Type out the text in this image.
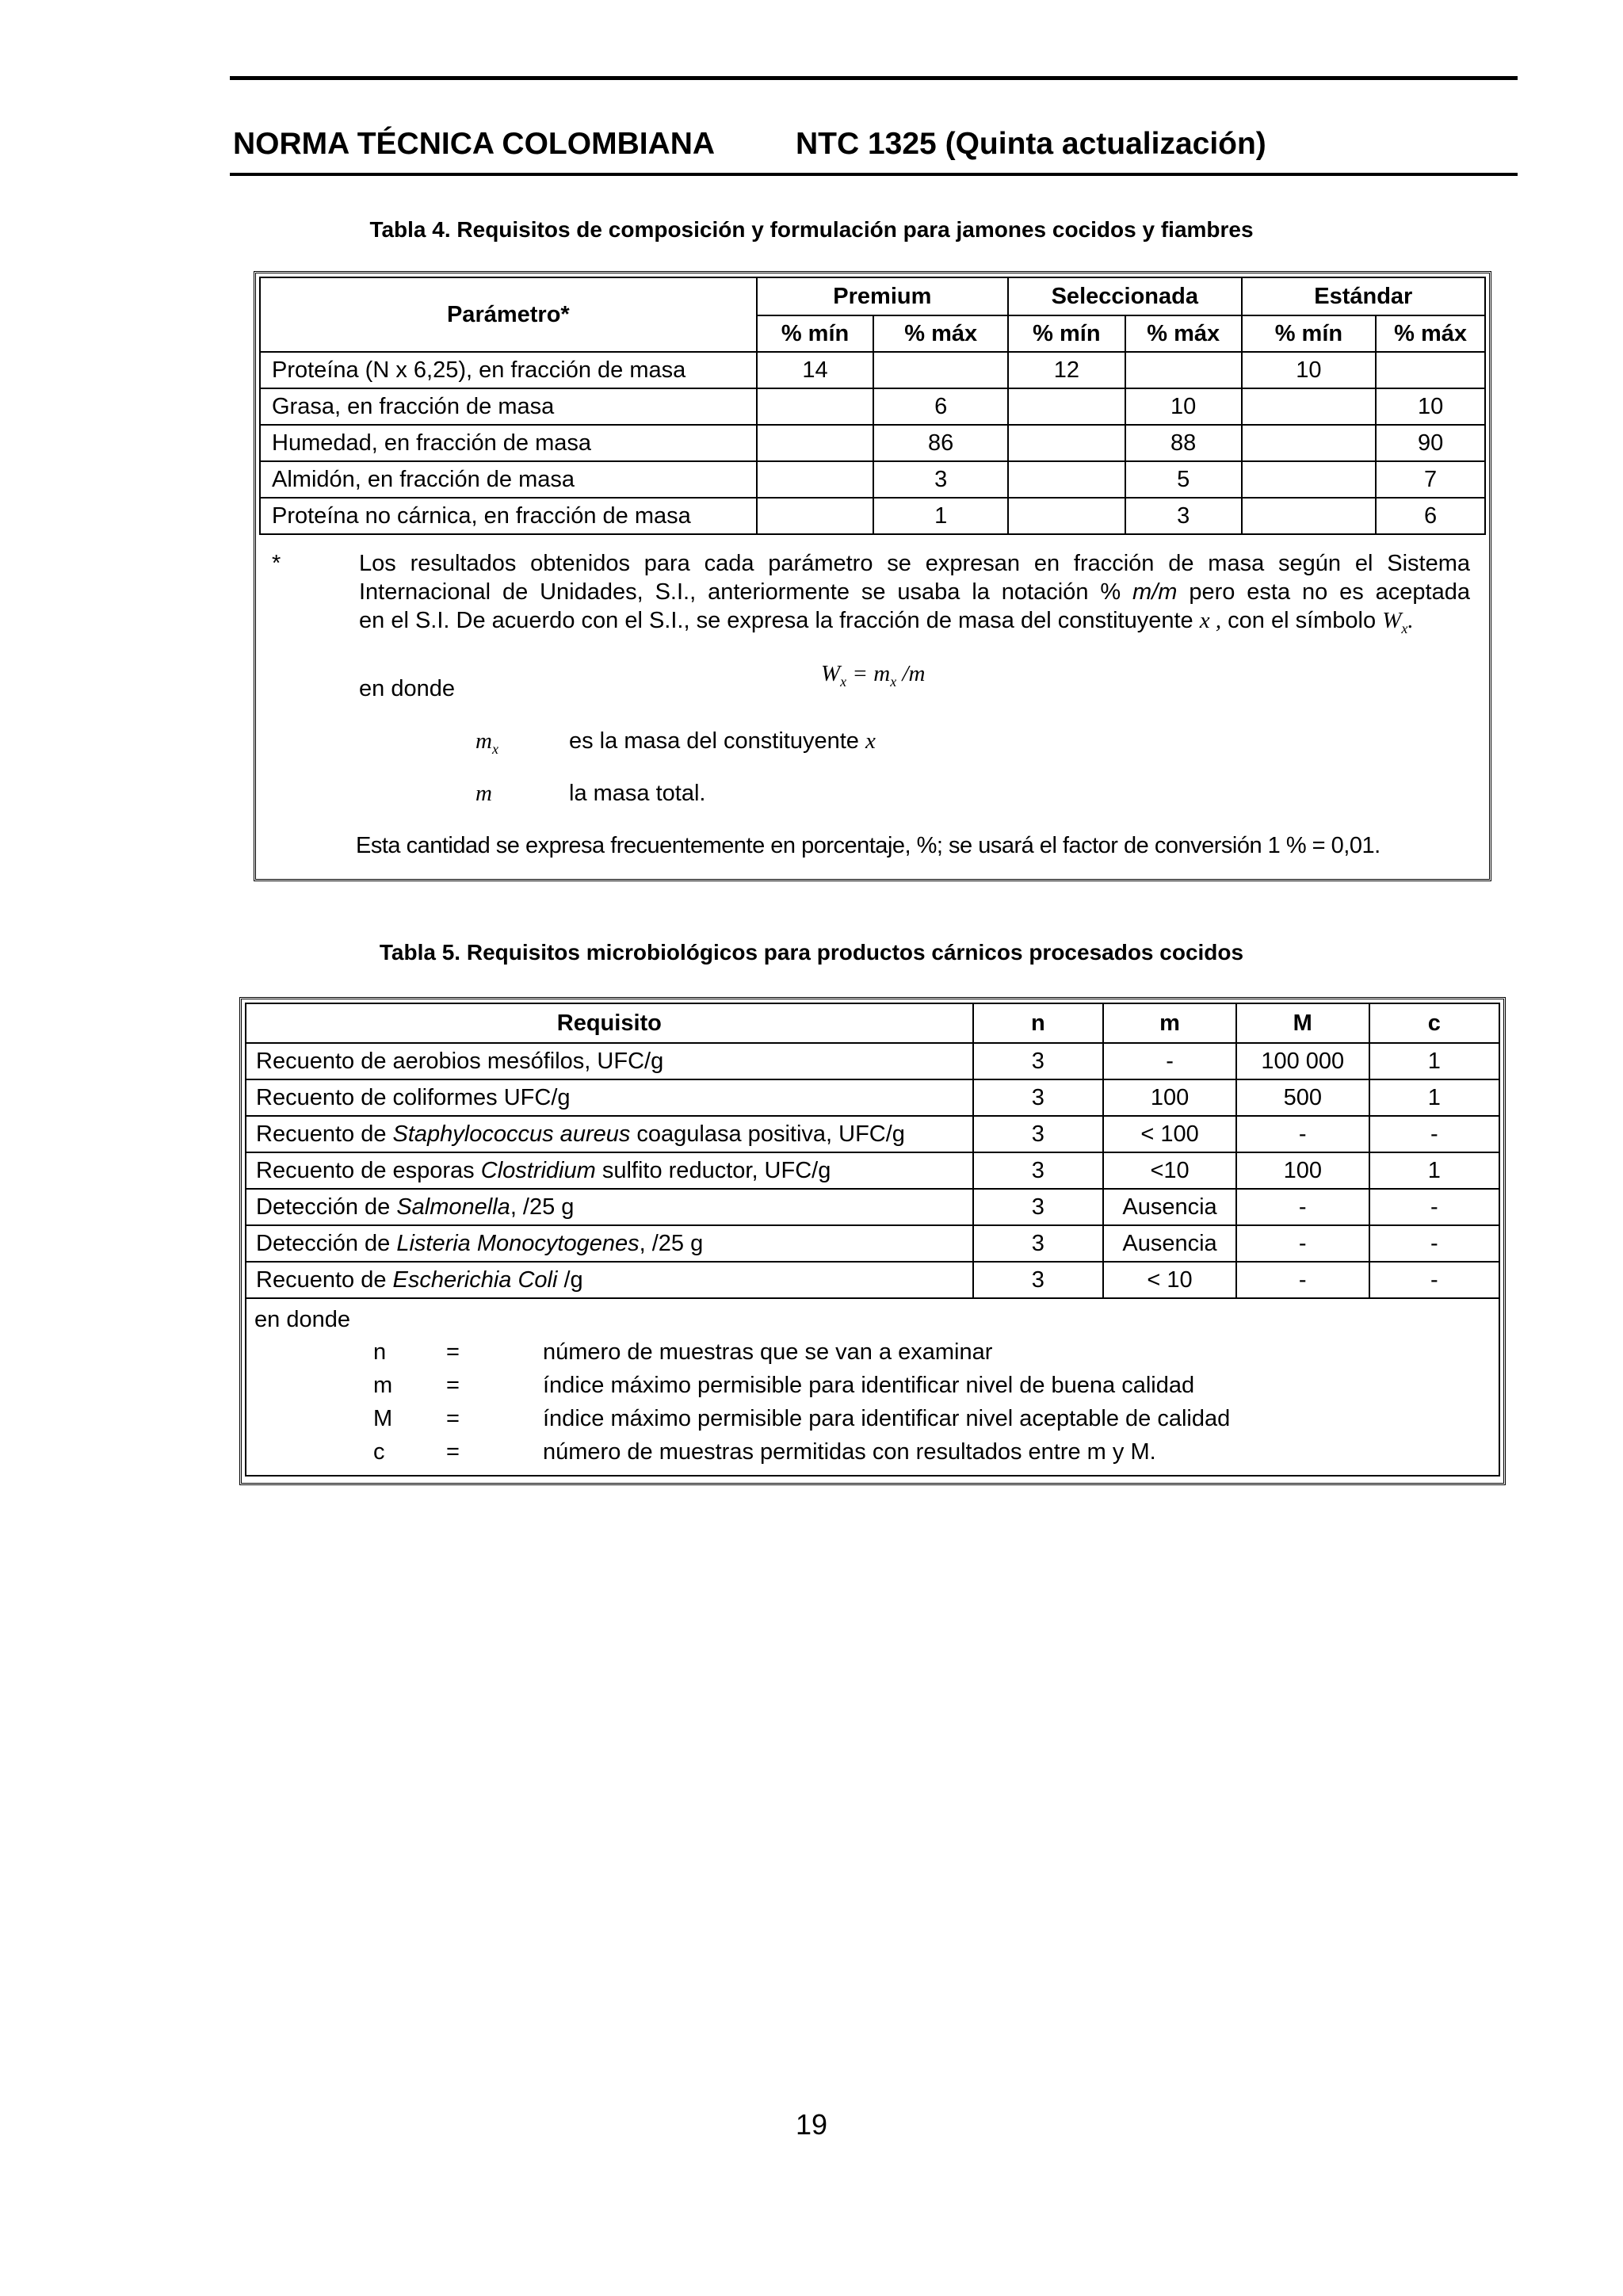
NORMA TÉCNICA COLOMBIANA	NTC 1325 (Quinta actualización)
Tabla 4. Requisitos de composición y formulación para jamones cocidos y fiambres
Parámetro*	Premium		Seleccionada		Estándar	
	% mín	% máx	% mín	% máx	% mín	% máx
Proteína (N x 6,25), en fracción de masa	14		12		10	
Grasa, en fracción de masa		6		10		10
Humedad, en fracción de masa		86		88		90
Almidón, en fracción de masa		3		5		7
Proteína no cárnica, en fracción de masa		1		3		6
*	Los resultados obtenidos para cada parámetro se expresan en fracción de masa según el Sistema
Internacional de Unidades, S.I., anteriormente se usaba la notación % m/m pero esta no es aceptada
en el S.I. De acuerdo con el S.I., se expresa la fracción de masa del constituyente x , con el símbolo $W_x$.
$W_x = m_x$ /m
en donde
$m_x$	es la masa del constituyente x
m	la masa total.
Esta cantidad se expresa frecuentemente en porcentaje, %; se usará el factor de conversión 1 % = 0,01.
Tabla 5. Requisitos microbiológicos para productos cárnicos procesados cocidos
Requisito	n	m	M	c
Recuento de aerobios mesófilos, UFC/g	3	-	100 000	1
Recuento de coliformes UFC/g	3	100	500	1
Recuento de Staphylococcus aureus coagulasa positiva, UFC/g	3	< 100	-	-
Recuento de esporas Clostridium sulfito reductor, UFC/g	3	<10	100	1
Detección de Salmonella, /25 g	3	Ausencia	-	-
Detección de Listeria Monocytogenes, /25 g	3	Ausencia	-	-
Recuento de Escherichia Coli /g	3	< 10	-	-

en donde
	n	=	número de muestras que se van a examinar
	m	=	índice máximo permisible para identificar nivel de buena calidad
	M	=	índice máximo permisible para identificar nivel aceptable de calidad
	c	=	número de muestras permitidas con resultados entre m y M.
19
